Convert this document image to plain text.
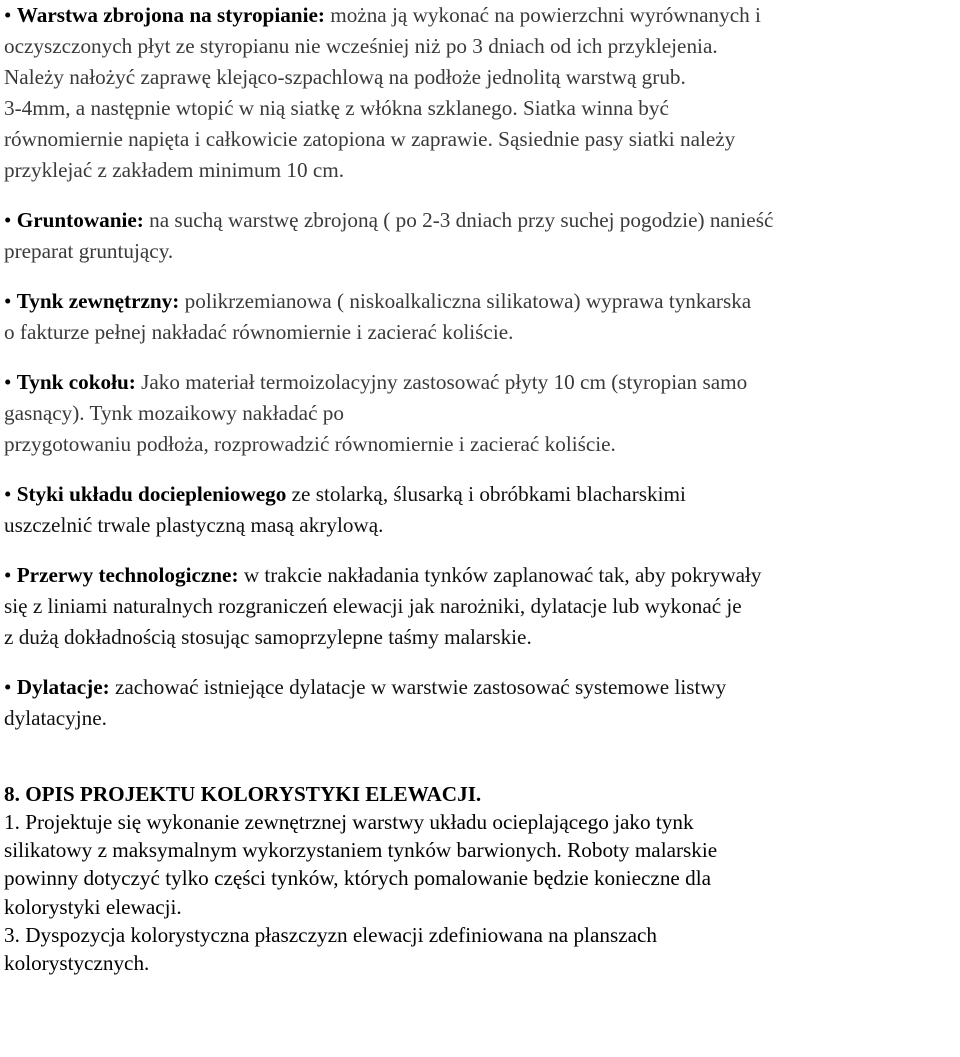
• Warstwa zbrojona na styropianie: można ją wykonać na powierzchni wyrównanych i
oczyszczonych płyt ze styropianu nie wcześniej niż po 3 dniach od ich przyklejenia.
Należy nałożyć zaprawę klejąco-szpachlową na podłoże jednolitą warstwą grub.
3-4mm, a następnie wtopić w nią siatkę z włókna szklanego. Siatka winna być
równomiernie napięta i całkowicie zatopiona w zaprawie. Sąsiednie pasy siatki należy
przyklejać z zakładem minimum 10 cm.
• Gruntowanie: na suchą warstwę zbrojoną ( po 2-3 dniach przy suchej pogodzie) nanieść
preparat gruntujący.
• Tynk zewnętrzny: polikrzemianowa ( niskoalkaliczna silikatowa) wyprawa tynkarska
o fakturze pełnej nakładać równomiernie i zacierać koliście.
• Tynk cokołu: Jako materiał termoizolacyjny zastosować płyty 10 cm (styropian samo
gasnący). Tynk mozaikowy nakładać po
przygotowaniu podłoża, rozprowadzić równomiernie i zacierać koliście.
• Styki układu dociepleniowego ze stolarką, ślusarką i obróbkami blacharskimi
uszczelnić trwale plastyczną masą akrylową.
• Przerwy technologiczne: w trakcie nakładania tynków zaplanować tak, aby pokrywały
się z liniami naturalnych rozgraniczeń elewacji jak narożniki, dylatacje lub wykonać je
z dużą dokładnością stosując samoprzylepne taśmy malarskie.
• Dylatacje: zachować istniejące dylatacje w warstwie zastosować systemowe listwy
dylatacyjne.
8. OPIS PROJEKTU KOLORYSTYKI ELEWACJI.

1. Projektuje się wykonanie zewnętrznej warstwy układu ocieplającego jako tynk
silikatowy z maksymalnym wykorzystaniem tynków barwionych. Roboty malarskie
powinny dotyczyć tylko części tynków, których pomalowanie będzie konieczne dla
kolorystyki elewacji.

3. Dyspozycja kolorystyczna płaszczyzn elewacji zdefiniowana na planszach
kolorystycznych.
